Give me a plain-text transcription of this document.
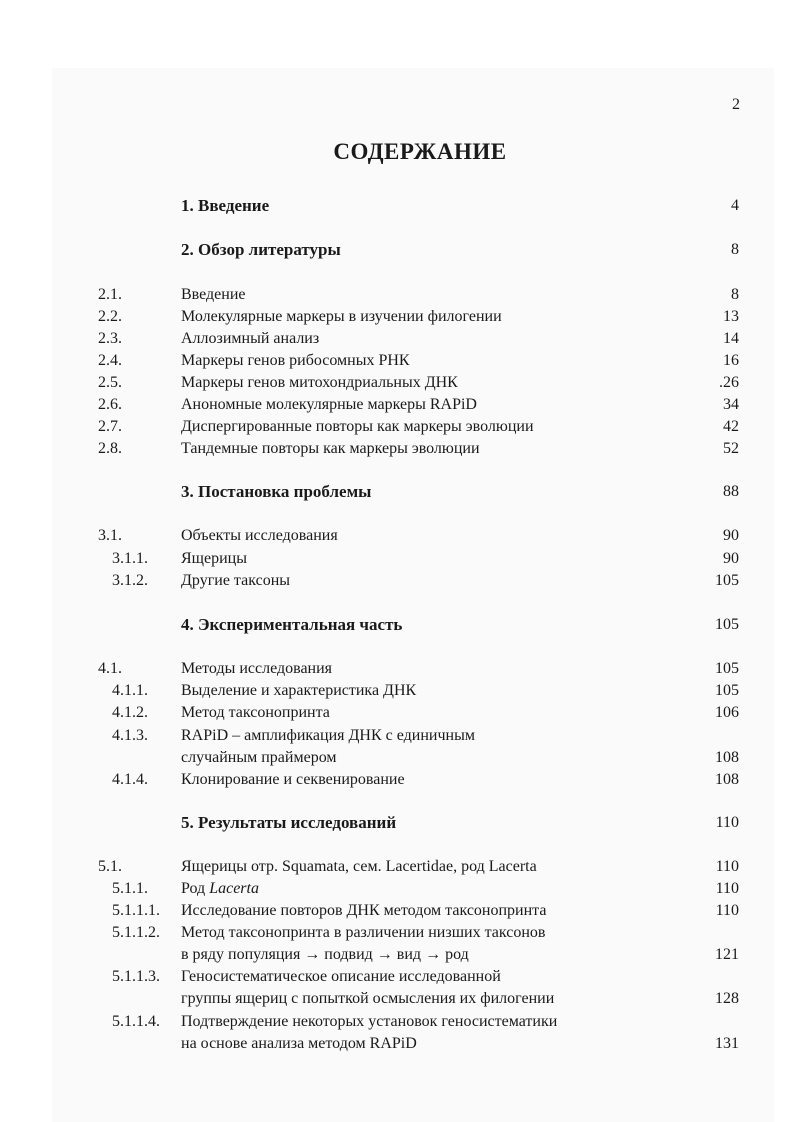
2
СОДЕРЖАНИЕ
1. Введение	4
2. Обзор литературы	8
2.1.	Введение	8
2.2.	Молекулярные маркеры в изучении филогении	13
2.3.	Аллозимный анализ	14
2.4.	Маркеры генов рибосомных РНК	16
2.5.	Маркеры генов митохондриальных ДНК	.26
2.6.	Анономные молекулярные маркеры RAPiD	34
2.7.	Диспергированные повторы как маркеры эволюции	42
2.8.	Тандемные повторы как маркеры эволюции	52
3. Постановка проблемы	88
3.1.	Объекты исследования	90
3.1.1. Ящерицы	90
3.1.2. Другие таксоны	105
4. Экспериментальная часть	105
4.1.	Методы исследования	105
4.1.1. Выделение и характеристика ДНК	105
4.1.2. Метод таксонопринта	106
4.1.3. RAPiD – амплификация ДНК с единичным
случайным праймером	108
4.1.4. Клонирование и секвенирование	108
5. Результаты исследований	110
5.1.	Ящерицы отр. Squamata, сем. Lacertidae, род Lacerta	110
5.1.1. Род Lacerta	110
5.1.1.1. Исследование повторов ДНК методом таксонопринта	110
5.1.1.2. Метод таксонопринта в различении низших таксонов
в ряду популяция → подвид → вид → род	121
5.1.1.3. Геносистематическое описание исследованной
группы ящериц с попыткой осмысления их филогении	128
5.1.1.4. Подтверждение некоторых установок геносистематики
на основе анализа методом RAPiD	131
